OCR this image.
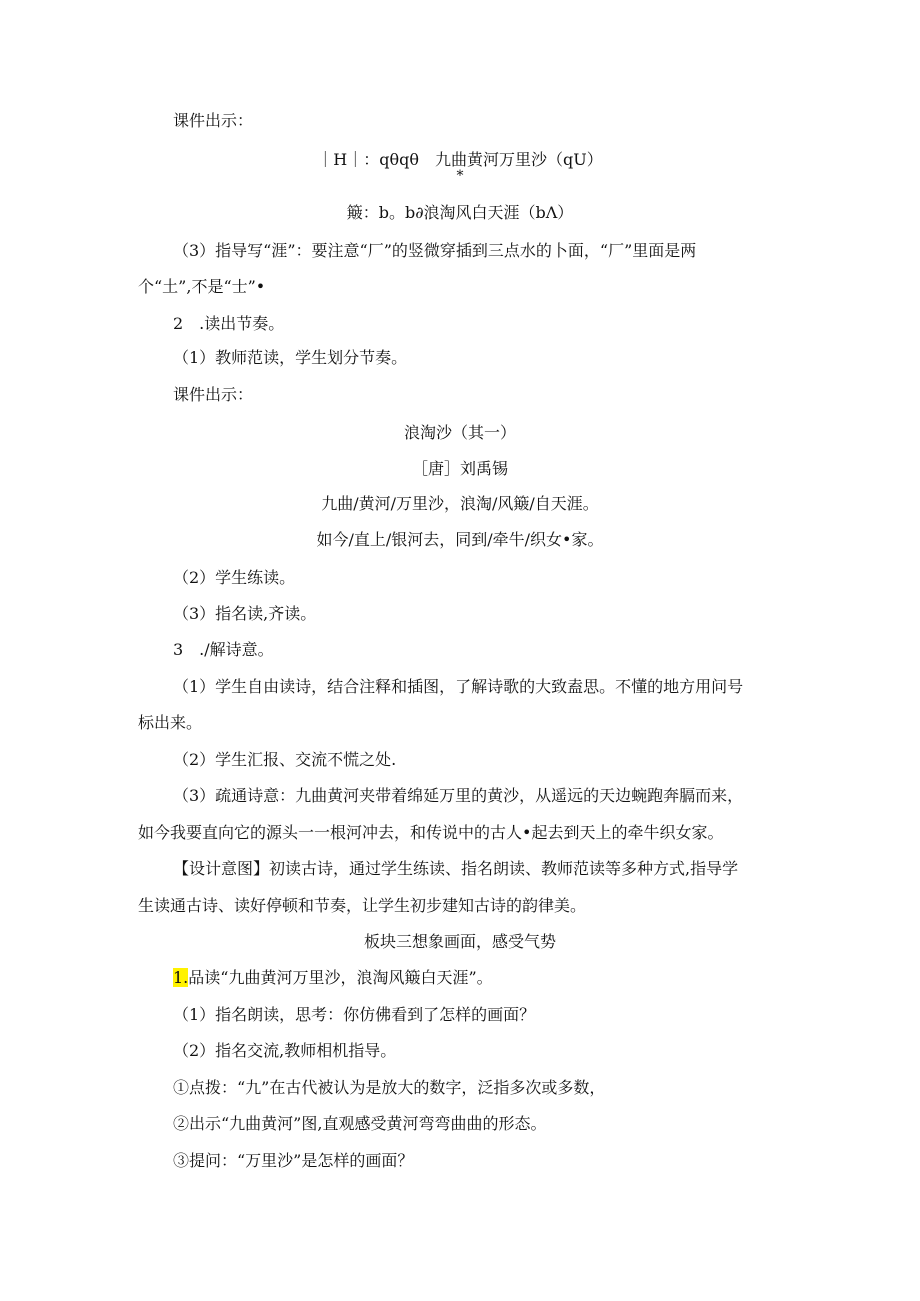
课件出示：
｜H｜：qθqθ　九曲黄河万里沙（qU）
*
簸：b。b∂浪淘风白天涯（bΛ）
（3）指导写“涯”：要注意“厂”的竖微穿插到三点水的卜面，“厂”里面是两
个“土”,不是“士”•
2　.读出节奏。
（1）教师范读，学生划分节奏。
课件出示：
浪淘沙（其一）
［唐］刘禹锡
九曲/黄河/万里沙，浪淘/风簸/自天涯。
如今/直上/银河去，同到/牵牛/织女•家。
（2）学生练读。
（3）指名读,齐读。
3　./解诗意。
（1）学生自由读诗，结合注释和插图，了解诗歌的大致盍思。不懂的地方用问号
标出来。
（2）学生汇报、交流不慌之处.
（3）疏通诗意：九曲黄河夹带着绵延万里的黄沙，从遥远的天边蜿跑奔膈而来，
如今我要直向它的源头一一根河冲去，和传说中的古人•起去到天上的牵牛织女家。
【设计意图】初读古诗，通过学生练读、指名朗读、教师范读等多种方式,指导学
生读通古诗、读好停顿和节奏，让学生初步建知古诗的韵律美。
板块三想象画面，感受气势
1.品读“九曲黄河万里沙，浪淘风簸白天涯”。
（1）指名朗读，思考：你仿佛看到了怎样的画面？
（2）指名交流,教师相机指导。
①点拨：“九”在古代被认为是放大的数字，泛指多次或多数，
②出示“九曲黄河”图,直观感受黄河弯弯曲曲的形态。
③提问：“万里沙”是怎样的画面？
